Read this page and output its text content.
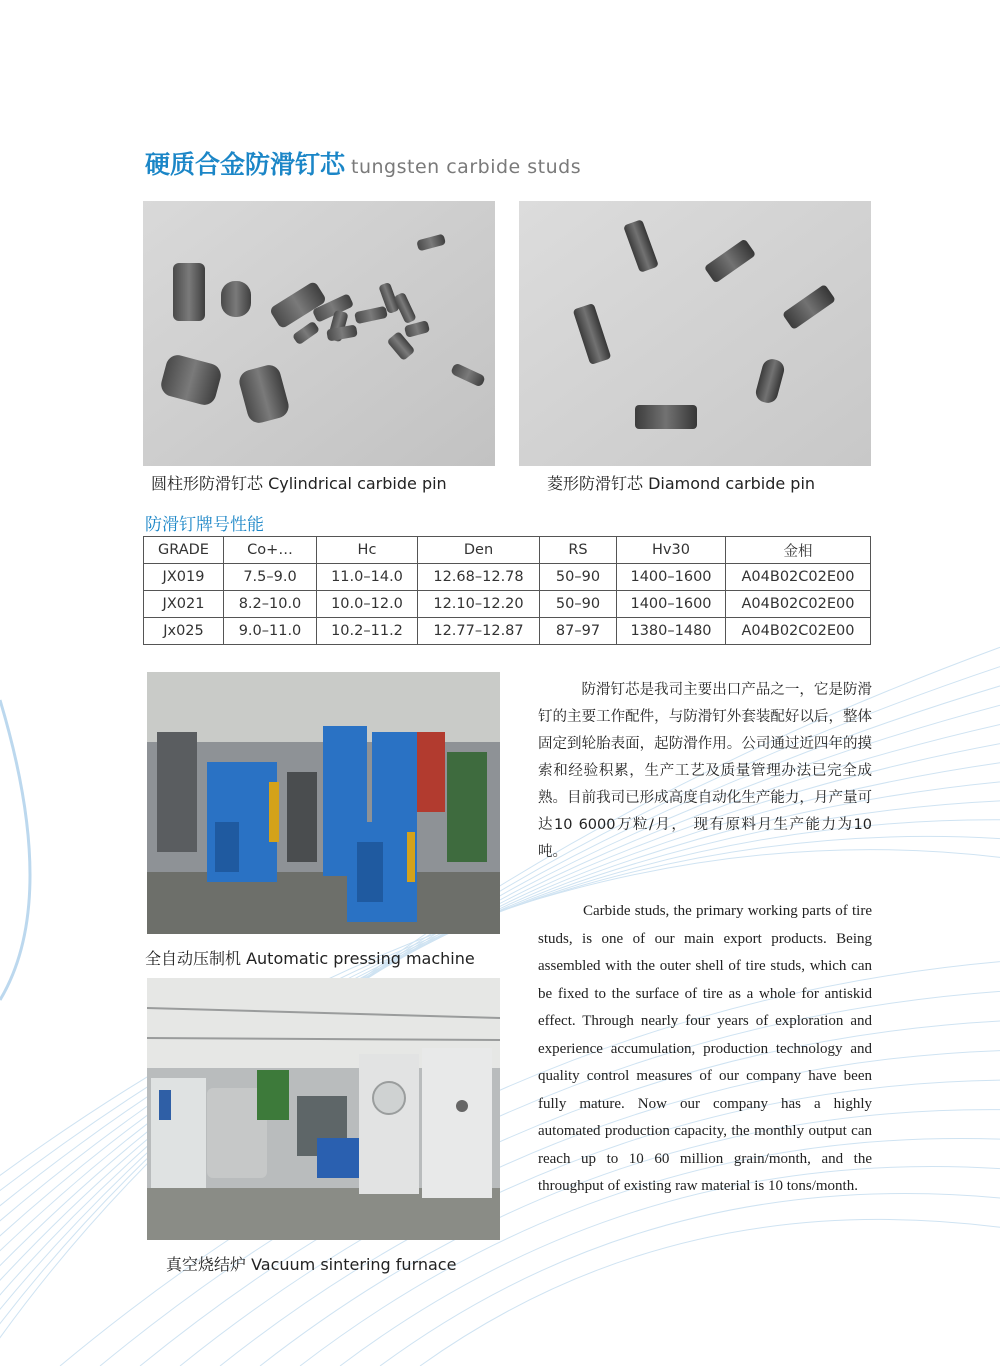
硬质合金防滑钉芯 tungsten carbide studs
圆柱形防滑钉芯 Cylindrical carbide pin	菱形防滑钉芯 Diamond carbide pin
防滑钉牌号性能
GRADE	Co+…	Hc	Den	RS	Hv30	金相
JX019	7.5–9.0	11.0–14.0	12.68–12.78	50–90	1400–1600	A04B02C02E00
JX021	8.2–10.0	10.0–12.0	12.10–12.20	50–90	1400–1600	A04B02C02E00
Jx025	9.0–11.0	10.2–11.2	12.77–12.87	87–97	1380–1480	A04B02C02E00
全自动压制机 Automatic pressing machine
真空烧结炉 Vacuum sintering furnace

防滑钉芯是我司主要出口产品之一，它是防滑钉的主要工作配件，与防滑钉外套装配好以后，整体固定到轮胎表面，起防滑作用。公司通过近四年的摸索和经验积累，生产工艺及质量管理办法已完全成熟。目前我司已形成高度自动化生产能力，月产量可达10 6000万粒/月， 现有原料月生产能力为10吨。

Carbide studs, the primary working parts of tire studs, is one of our main export products. Being assembled with the outer shell of tire studs, which can be fixed to the surface of tire as a whole for antiskid effect. Through nearly four years of exploration and experience accumulation, production technology and quality control measures of our company have been fully mature. Now our company has a highly automated production capacity, the monthly output can reach up to 10 60 million grain/month, and the throughput of existing raw material is 10 tons/month.
